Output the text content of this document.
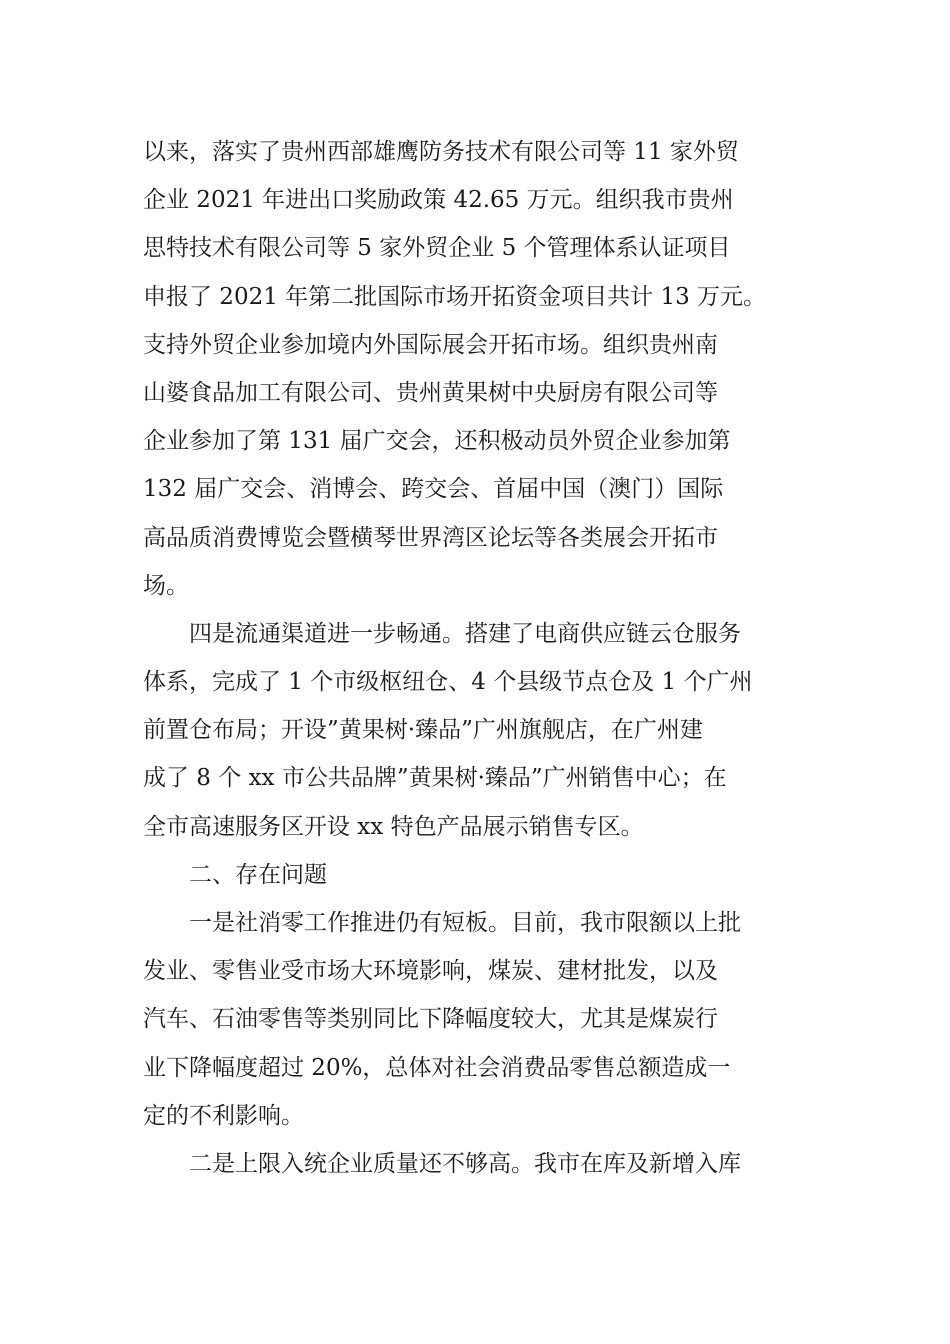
以来，落实了贵州西部雄鹰防务技术有限公司等 11 家外贸
企业 2021 年进出口奖励政策 42.65 万元。组织我市贵州
思特技术有限公司等 5 家外贸企业 5 个管理体系认证项目
申报了 2021 年第二批国际市场开拓资金项目共计 13 万元。
支持外贸企业参加境内外国际展会开拓市场。组织贵州南
山婆食品加工有限公司、贵州黄果树中央厨房有限公司等
企业参加了第 131 届广交会，还积极动员外贸企业参加第
132 届广交会、消博会、跨交会、首届中国（澳门）国际
高品质消费博览会暨横琴世界湾区论坛等各类展会开拓市
场。
四是流通渠道进一步畅通。搭建了电商供应链云仓服务
体系，完成了 1 个市级枢纽仓、4 个县级节点仓及 1 个广州
前置仓布局；开设”黄果树·臻品”广州旗舰店，在广州建
成了 8 个 xx 市公共品牌”黄果树·臻品”广州销售中心；在
全市高速服务区开设 xx 特色产品展示销售专区。
二、存在问题
一是社消零工作推进仍有短板。目前，我市限额以上批
发业、零售业受市场大环境影响，煤炭、建材批发，以及
汽车、石油零售等类别同比下降幅度较大，尤其是煤炭行
业下降幅度超过 20%，总体对社会消费品零售总额造成一
定的不利影响。
二是上限入统企业质量还不够高。我市在库及新增入库
